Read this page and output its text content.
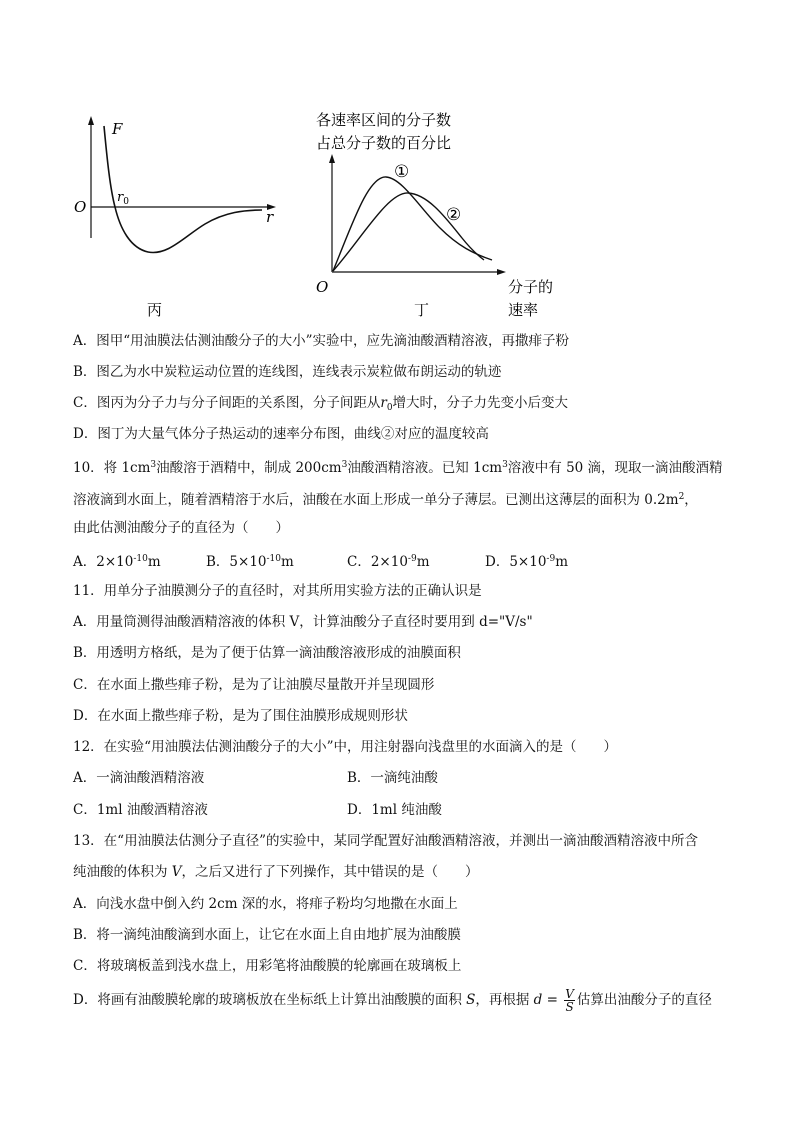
F
r
O
$r_0$
丙
各速率区间的分子数
占总分子数的百分比
①
②
O	分子的
速率
丁
A．图甲“用油膜法估测油酸分子的大小”实验中，应先滴油酸酒精溶液，再撒痱子粉
B．图乙为水中炭粒运动位置的连线图，连线表示炭粒做布朗运动的轨迹
C．图丙为分子力与分子间距的关系图，分子间距从$r_0$增大时，分子力先变小后变大
D．图丁为大量气体分子热运动的速率分布图，曲线②对应的温度较高
10．将 $1cm^3$油酸溶于酒精中，制成 $200cm^3$油酸酒精溶液。已知 $1cm^3$溶液中有 50 滴，现取一滴油酸酒精
溶液滴到水面上，随着酒精溶于水后，油酸在水面上形成一单分子薄层。已测出这薄层的面积为 $0.2m^2$，
由此估测油酸分子的直径为（　　）
A．$2\times 10^{-10}m$	B．$5\times 10^{-10}m$	C．$2\times 10^{-9}m$	D．$5\times 10^{-9}m$
11．用单分子油膜测分子的直径时，对其所用实验方法的正确认识是
A．用量筒测得油酸酒精溶液的体积 V，计算油酸分子直径时要用到 d="V/s"
B．用透明方格纸，是为了便于估算一滴油酸溶液形成的油膜面积
C．在水面上撒些痱子粉，是为了让油膜尽量散开并呈现圆形
D．在水面上撒些痱子粉，是为了围住油膜形成规则形状
12．在实验“用油膜法估测油酸分子的大小”中，用注射器向浅盘里的水面滴入的是（　　）
A．一滴油酸酒精溶液	B．一滴纯油酸
C．1ml 油酸酒精溶液	D．1ml 纯油酸
13．在“用油膜法估测分子直径”的实验中，某同学配置好油酸酒精溶液，并测出一滴油酸酒精溶液中所含
纯油酸的体积为 V，之后又进行了下列操作，其中错误的是（　　）
A．向浅水盘中倒入约 2cm 深的水，将痱子粉均匀地撒在水面上
B．将一滴纯油酸滴到水面上，让它在水面上自由地扩展为油酸膜
C．将玻璃板盖到浅水盘上，用彩笔将油酸膜的轮廓画在玻璃板上
D．将画有油酸膜轮廓的玻璃板放在坐标纸上计算出油酸膜的面积 S，再根据 $d = \frac{V}{S}$ 估算出油酸分子的直径
